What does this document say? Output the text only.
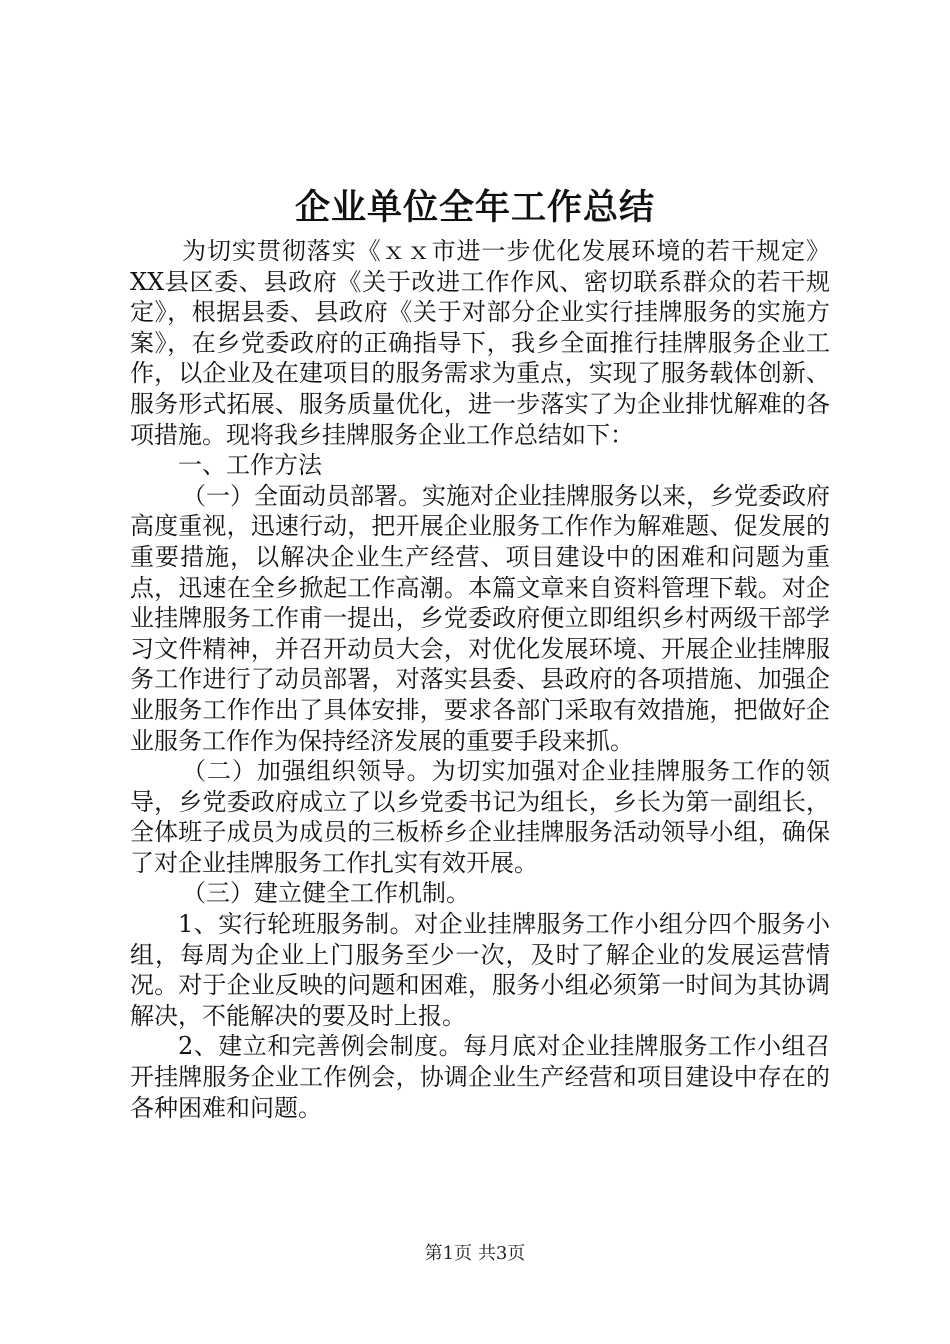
企业单位全年工作总结

为切实贯彻落实《ｘｘ市进一步优化发展环境的若干规定》XX县区委、县政府《关于改进工作作风、密切联系群众的若干规定》，根据县委、县政府《关于对部分企业实行挂牌服务的实施方案》，在乡党委政府的正确指导下，我乡全面推行挂牌服务企业工作，以企业及在建项目的服务需求为重点，实现了服务载体创新、服务形式拓展、服务质量优化，进一步落实了为企业排忧解难的各项措施。现将我乡挂牌服务企业工作总结如下：

一、工作方法

（一）全面动员部署。实施对企业挂牌服务以来，乡党委政府高度重视，迅速行动，把开展企业服务工作作为解难题、促发展的重要措施，以解决企业生产经营、项目建设中的困难和问题为重点，迅速在全乡掀起工作高潮。本篇文章来自资料管理下载。对企业挂牌服务工作甫一提出，乡党委政府便立即组织乡村两级干部学习文件精神，并召开动员大会，对优化发展环境、开展企业挂牌服务工作进行了动员部署，对落实县委、县政府的各项措施、加强企业服务工作作出了具体安排，要求各部门采取有效措施，把做好企业服务工作作为保持经济发展的重要手段来抓。

（二）加强组织领导。为切实加强对企业挂牌服务工作的领导，乡党委政府成立了以乡党委书记为组长，乡长为第一副组长，全体班子成员为成员的三板桥乡企业挂牌服务活动领导小组，确保了对企业挂牌服务工作扎实有效开展。

（三）建立健全工作机制。

1、实行轮班服务制。对企业挂牌服务工作小组分四个服务小组，每周为企业上门服务至少一次，及时了解企业的发展运营情况。对于企业反映的问题和困难，服务小组必须第一时间为其协调解决，不能解决的要及时上报。

2、建立和完善例会制度。每月底对企业挂牌服务工作小组召开挂牌服务企业工作例会，协调企业生产经营和项目建设中存在的各种困难和问题。

第1页 共3页
